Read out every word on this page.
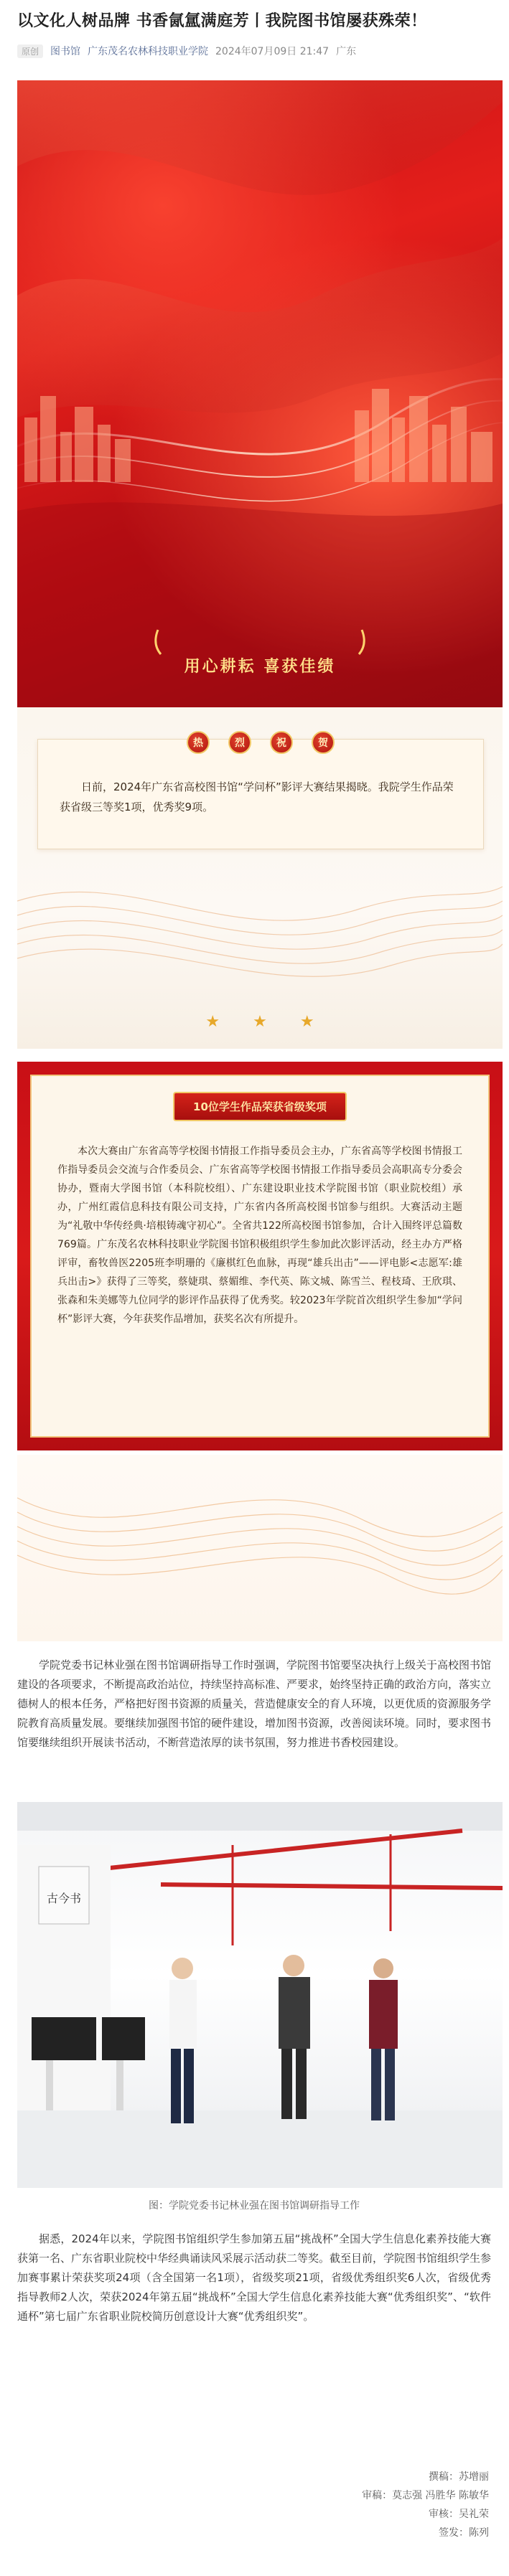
以文化人树品牌 书香氤氲满庭芳丨我院图书馆屡获殊荣！
原创	图书馆 广东茂名农林科技职业学院 2024年07月09日 21:47 广东
用心耕耘 喜获佳绩
热	烈	祝	贺
日前，2024年广东省高校图书馆“学问杯”影评大赛结果揭晓。我院学生作品荣获省级三等奖1项，优秀奖9项。
★ ★ ★
10位学生作品荣获省级奖项
本次大赛由广东省高等学校图书情报工作指导委员会主办，广东省高等学校图书情报工作指导委员会交流与合作委员会、广东省高等学校图书情报工作指导委员会高职高专分委会协办，暨南大学图书馆（本科院校组）、广东建设职业技术学院图书馆（职业院校组）承办，广州红霞信息科技有限公司支持，广东省内各所高校图书馆参与组织。大赛活动主题为“礼敬中华传经典·培根铸魂守初心”。全省共122所高校图书馆参加，合计入围终评总篇数769篇。广东茂名农林科技职业学院图书馆积极组织学生参加此次影评活动，经主办方严格评审，畜牧兽医2205班李明珊的《廉棋红色血脉，再现“雄兵出击”——评电影<志愿军:雄兵出击>》获得了三等奖，蔡婕琪、蔡媚维、李代英、陈文城、陈雪兰、程枝琦、王欣琪、张森和朱美娜等九位同学的影评作品获得了优秀奖。较2023年学院首次组织学生参加“学问杯”影评大赛，今年获奖作品增加，获奖名次有所提升。
学院党委书记林业强在图书馆调研指导工作时强调，学院图书馆要坚决执行上级关于高校图书馆建设的各项要求，不断提高政治站位，持续坚持高标准、严要求，始终坚持正确的政治方向，落实立德树人的根本任务，严格把好图书资源的质量关，营造健康安全的育人环境，以更优质的资源服务学院教育高质量发展。要继续加强图书馆的硬件建设，增加图书资源，改善阅读环境。同时，要求图书馆要继续组织开展读书活动，不断营造浓厚的读书氛围，努力推进书香校园建设。
古今书
图：学院党委书记林业强在图书馆调研指导工作
据悉，2024年以来，学院图书馆组织学生参加第五届“挑战杯”全国大学生信息化素养技能大赛获第一名、广东省职业院校中华经典诵读风采展示活动获二等奖。截至目前，学院图书馆组织学生参加赛事累计荣获奖项24项（含全国第一名1项），省级奖项21项，省级优秀组织奖6人次，省级优秀指导教师2人次，荣获2024年第五届“挑战杯”全国大学生信息化素养技能大赛“优秀组织奖”、“软件通杯”第七届广东省职业院校简历创意设计大赛“优秀组织奖”。
撰稿：苏增丽
审稿：莫志强 冯胜华 陈敏华
审核：吴礼荣
签发：陈列
